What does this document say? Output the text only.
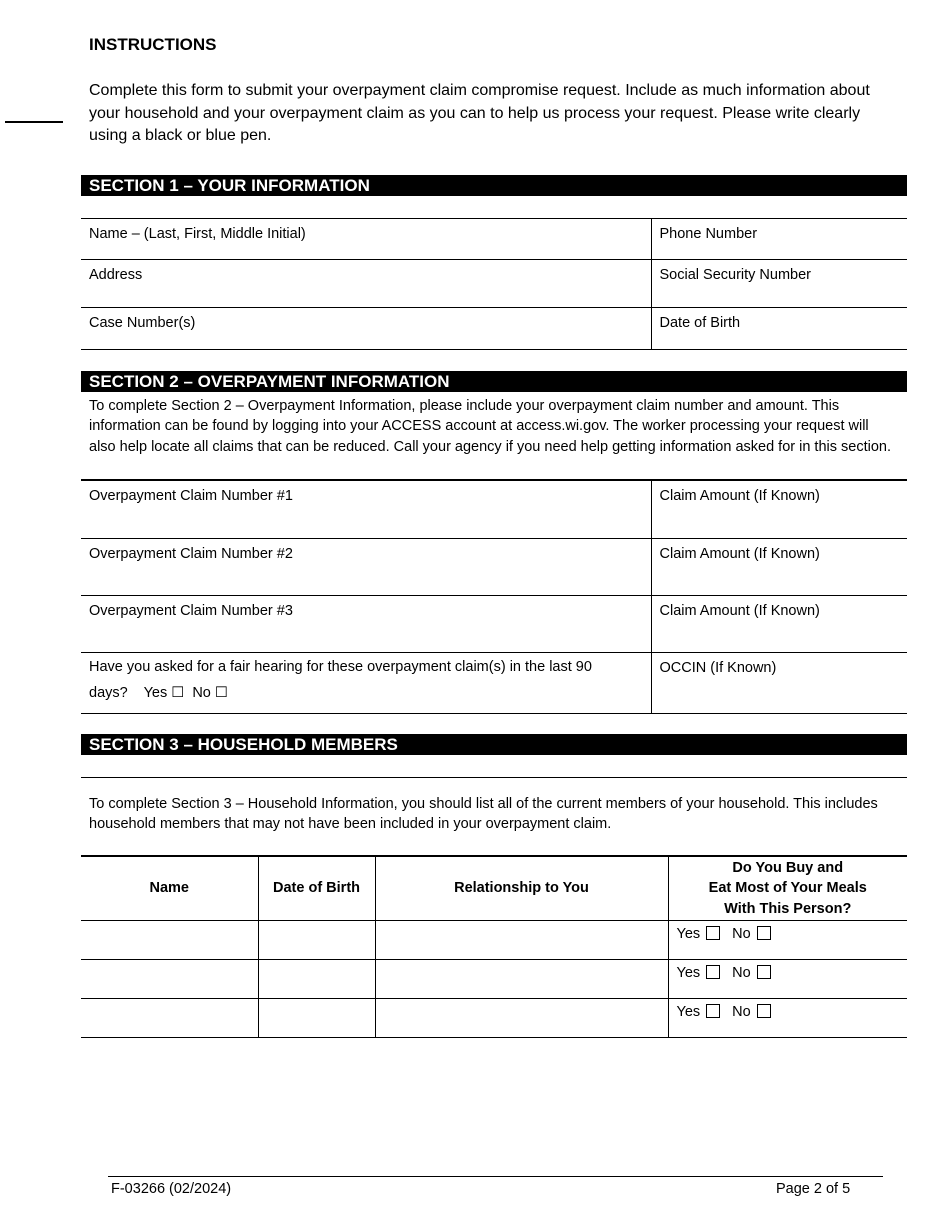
INSTRUCTIONS
Complete this form to submit your overpayment claim compromise request. Include as much information about your household and your overpayment claim as you can to help us process your request. Please write clearly using a black or blue pen.
SECTION 1 – YOUR INFORMATION
Name – (Last, First, Middle Initial)	Phone Number
Address	Social Security Number
Case Number(s)	Date of Birth
SECTION 2 – OVERPAYMENT INFORMATION
To complete Section 2 – Overpayment Information, please include your overpayment claim number and amount. This information can be found by logging into your ACCESS account at access.wi.gov. The worker processing your request will also help locate all claims that can be reduced. Call your agency if you need help getting information asked for in this section.
Overpayment Claim Number #1	Claim Amount (If Known)
Overpayment Claim Number #2	Claim Amount (If Known)
Overpayment Claim Number #3	Claim Amount (If Known)
Have you asked for a fair hearing for these overpayment claim(s) in the last 90
days? Yes ☐ No ☐	OCCIN (If Known)
SECTION 3 – HOUSEHOLD MEMBERS
To complete Section 3 – Household Information, you should list all of the current members of your household. This includes household members that may not have been included in your overpayment claim.
Name	Date of Birth	Relationship to You	Do You Buy and
Eat Most of Your Meals
With This Person?
			Yes No
			Yes No
			Yes No
F-03266 (02/2024)	Page 2 of 5
